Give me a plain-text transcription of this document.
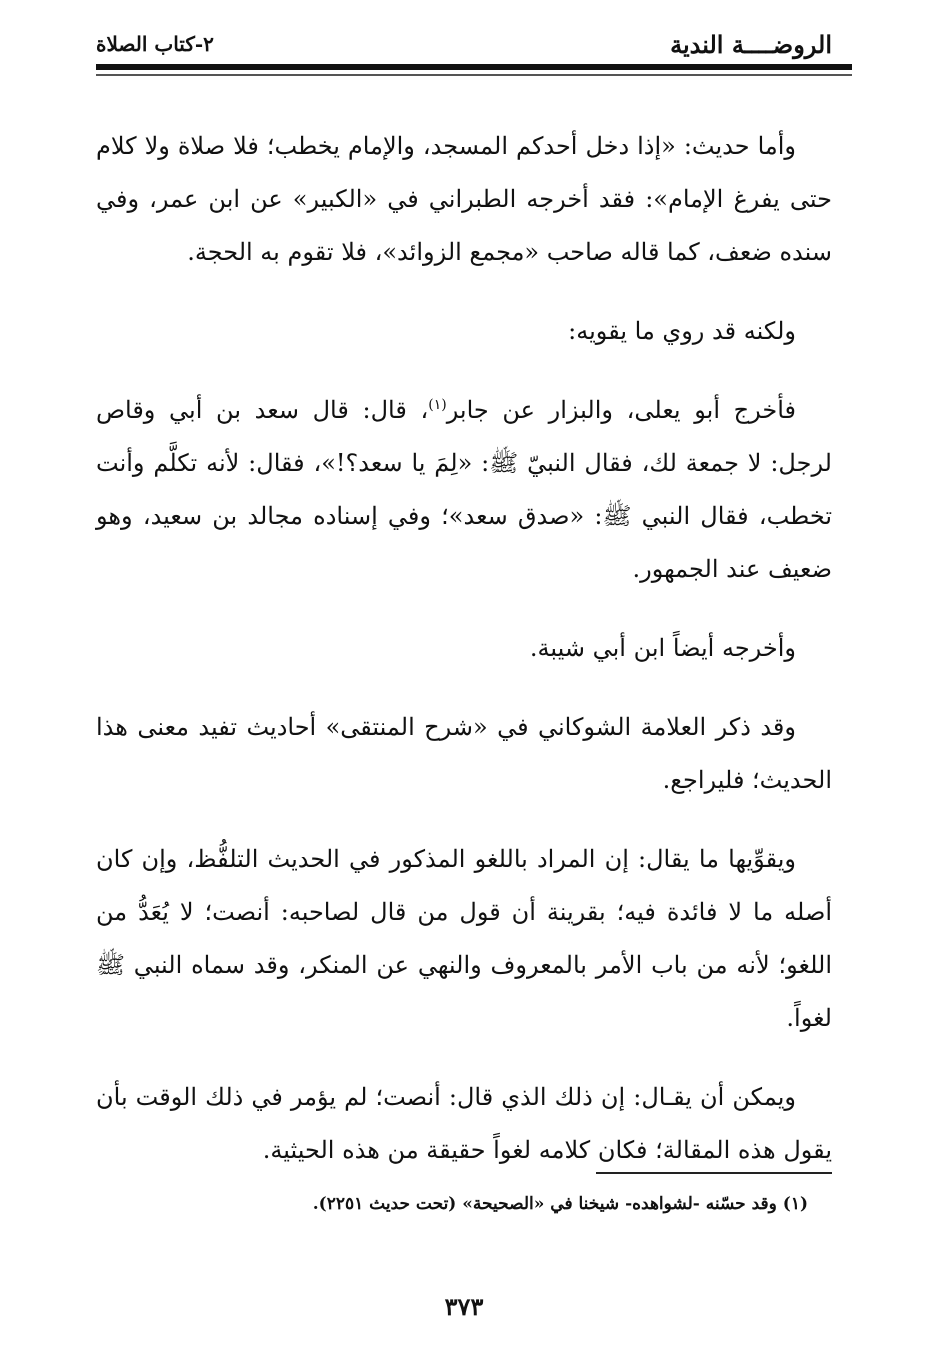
الروضــــة الندية
٢-كتاب الصلاة

وأما حديث: «إذا دخل أحدكم المسجد، والإمام يخطب؛ فلا صلاة ولا كلام حتى يفرغ الإمام»: فقد أخرجه الطبراني في «الكبير» عن ابن عمر، وفي سنده ضعف، كما قاله صاحب «مجمع الزوائد»، فلا تقوم به الحجة.

ولكنه قد روي ما يقويه:

فأخرج أبو يعلى، والبزار عن جابر$^{(١)}$، قال: قال سعد بن أبي وقاص لرجل: لا جمعة لك، فقال النبيّ ﷺ: «لِمَ يا سعد؟!»، فقال: لأنه تكلَّم وأنت تخطب، فقال النبي ﷺ: «صدق سعد»؛ وفي إسناده مجالد بن سعيد، وهو ضعيف عند الجمهور.

وأخرجه أيضاً ابن أبي شيبة.

وقد ذكر العلامة الشوكاني في «شرح المنتقى» أحاديث تفيد معنى هذا الحديث؛ فليراجع.

ويقوِّيها ما يقال: إن المراد باللغو المذكور في الحديث التلفُّظ، وإن كان أصله ما لا فائدة فيه؛ بقرينة أن قول من قال لصاحبه: أنصت؛ لا يُعَدُّ من اللغو؛ لأنه من باب الأمر بالمعروف والنهي عن المنكر، وقد سماه النبي ﷺ لغواً.

ويمكن أن يقـال: إن ذلك الذي قال: أنصت؛ لم يؤمر في ذلك الوقت بأن يقول هذه المقالة؛ فكان كلامه لغواً حقيقة من هذه الحيثية.

(١) وقد حسّنه -لشواهده- شيخنا في «الصحيحة» (تحت حديث ٢٢٥١).
٣٧٣
